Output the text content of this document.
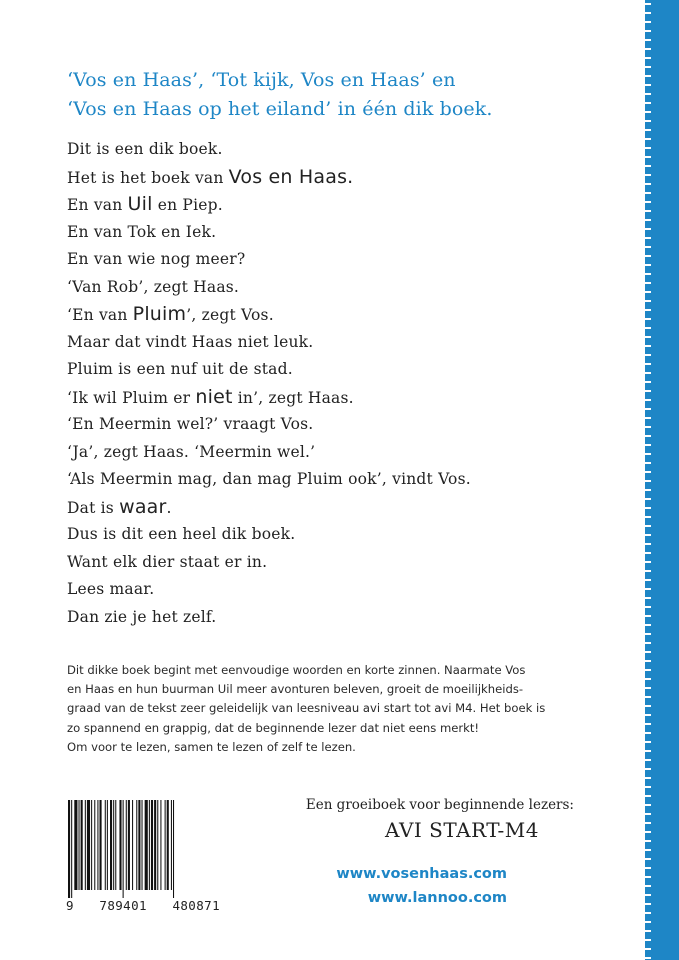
‘Vos en Haas’, ‘Tot kijk, Vos en Haas’ en
‘Vos en Haas op het eiland’ in één dik boek.
Dit is een dik boek.
Het is het boek van Vos en Haas.
En van Uil en Piep.
En van Tok en Iek.
En van wie nog meer?
‘Van Rob’, zegt Haas.
‘En van Pluim’, zegt Vos.
Maar dat vindt Haas niet leuk.
Pluim is een nuf uit de stad.
‘Ik wil Pluim er niet in’, zegt Haas.
‘En Meermin wel?’ vraagt Vos.
‘Ja’, zegt Haas. ‘Meermin wel.’
‘Als Meermin mag, dan mag Pluim ook’, vindt Vos.
Dat is waar.
Dus is dit een heel dik boek.
Want elk dier staat er in.
Lees maar.
Dan zie je het zelf.
Dit dikke boek begint met eenvoudige woorden en korte zinnen. Naarmate Vos
en Haas en hun buurman Uil meer avonturen beleven, groeit de moeilijkheids-
graad van de tekst zeer geleidelijk van leesniveau avi start tot avi M4. Het boek is
zo spannend en grappig, dat de beginnende lezer dat niet eens merkt!
Om voor te lezen, samen te lezen of zelf te lezen.
9 789401 480871
Een groeiboek voor beginnende lezers:
AVI START-M4
www.vosenhaas.com
www.lannoo.com
